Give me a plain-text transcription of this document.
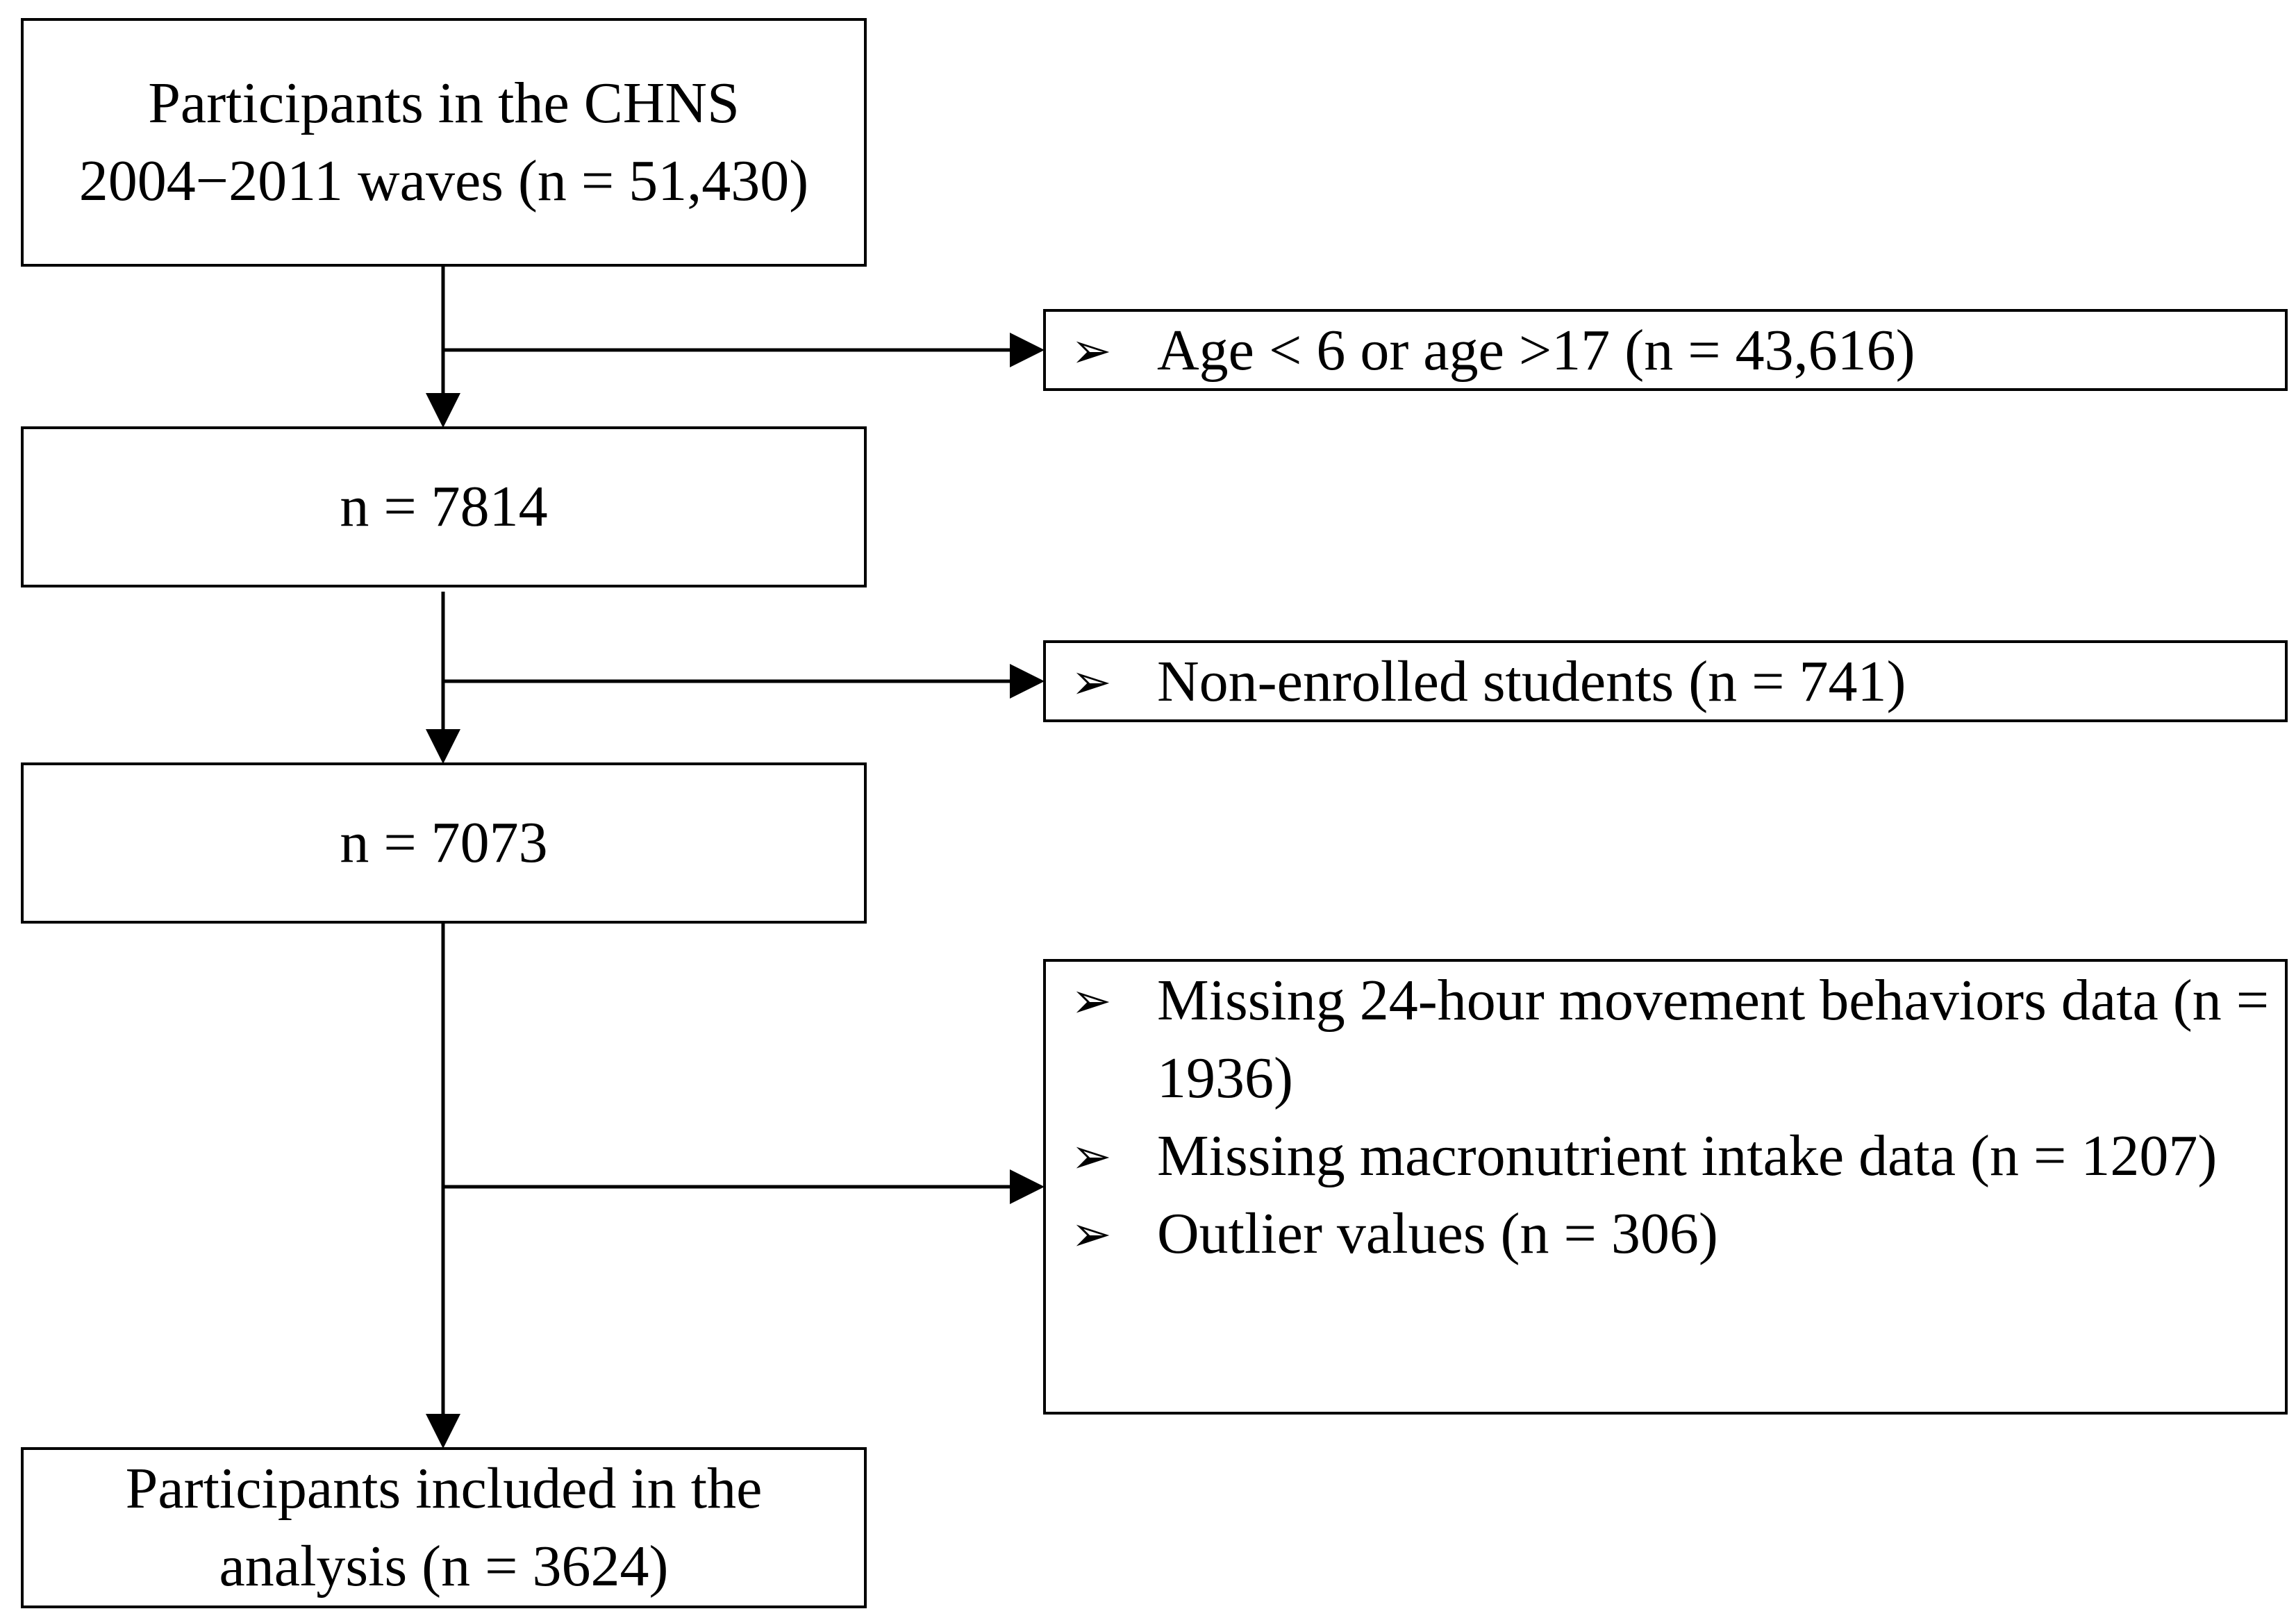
Participants in the CHNS
2004−2011 waves (n = 51,430)
n = 7814
n = 7073
Participants included in the
analysis (n = 3624)
➢ Age < 6 or age >17 (n = 43,616)
➢ Non-enrolled students (n = 741)
➢ Missing 24-hour movement behaviors data (n = 1936)
➢ Missing macronutrient intake data (n = 1207)
➢ Outlier values (n = 306)
